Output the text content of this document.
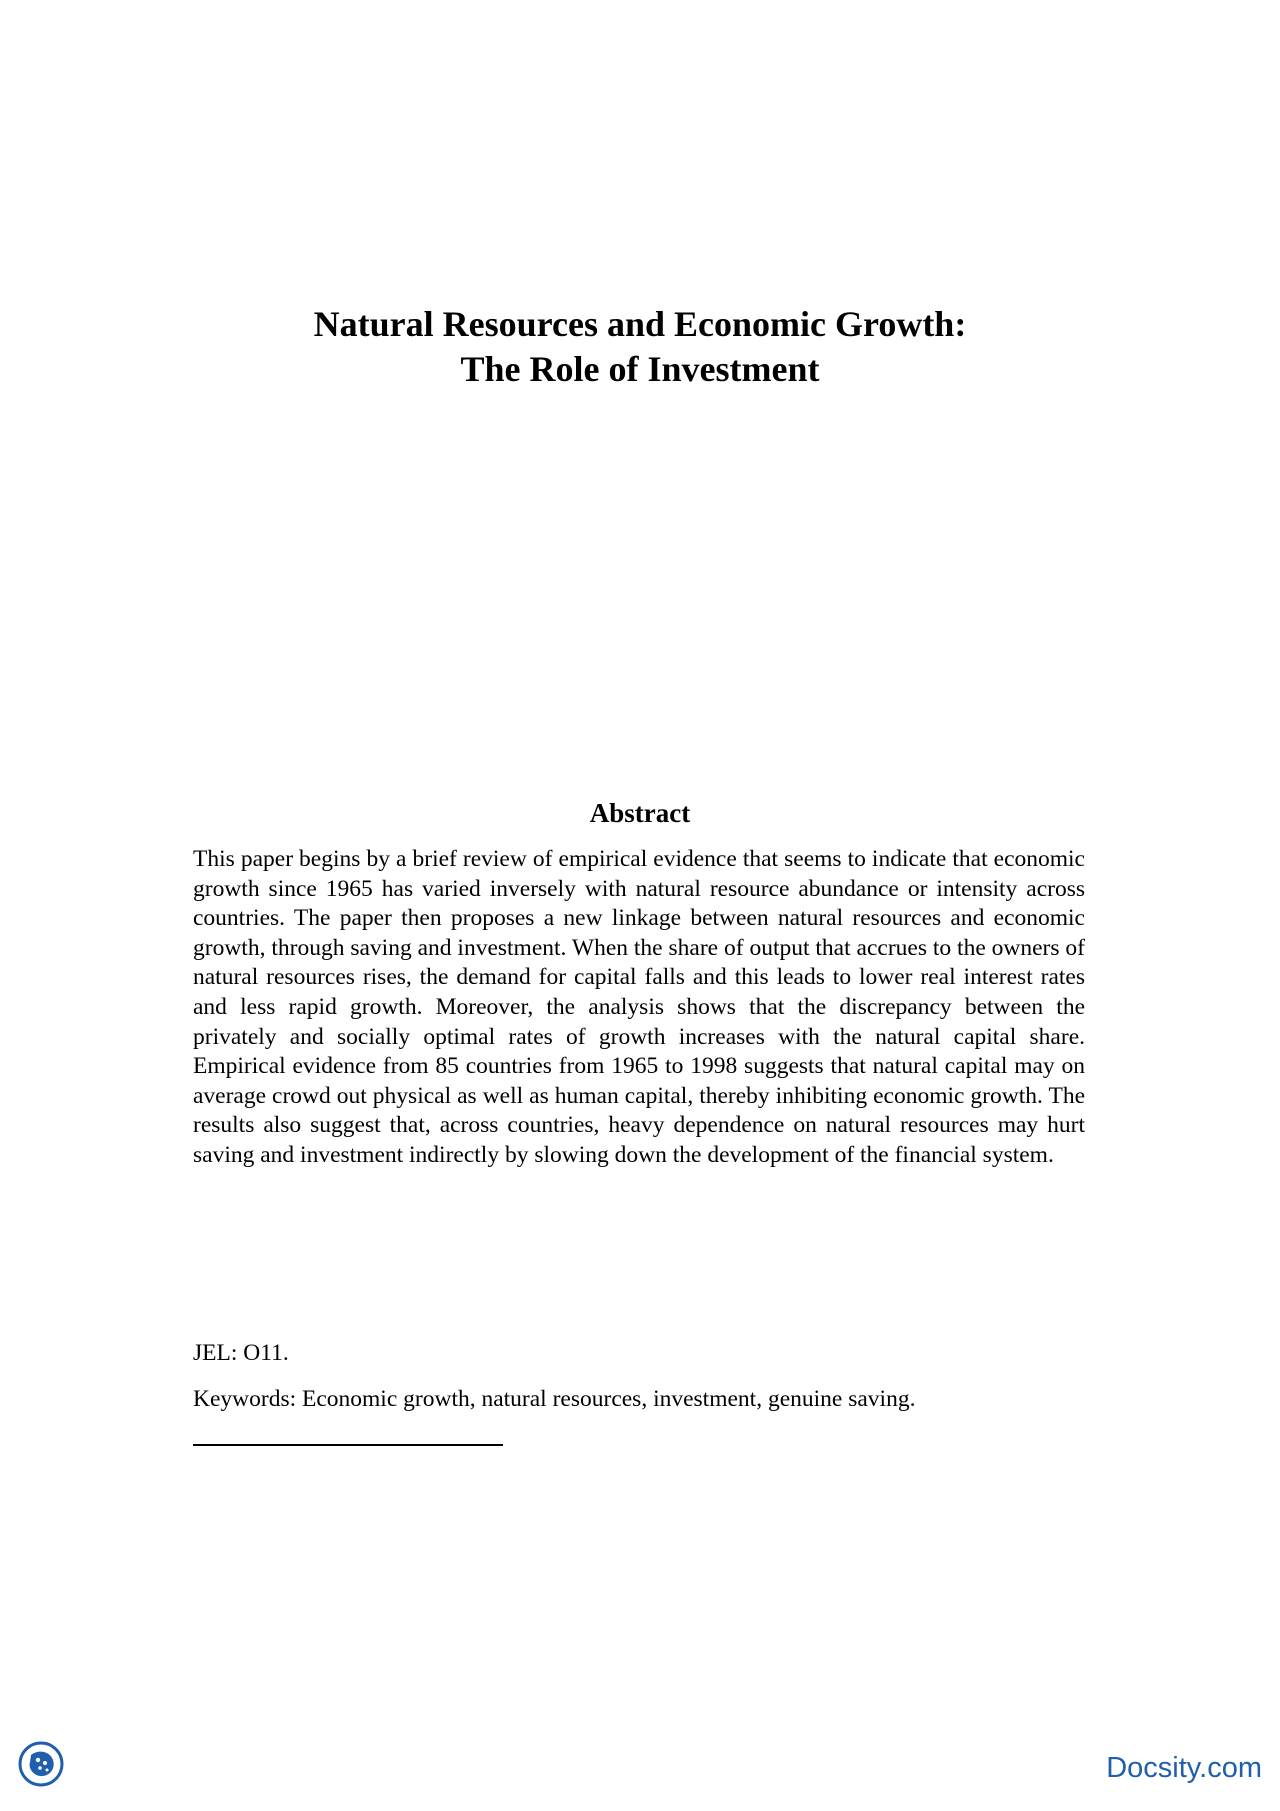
Natural Resources and Economic Growth:
The Role of Investment
Abstract

This paper begins by a brief review of empirical evidence that seems to indicate that economic growth since 1965 has varied inversely with natural resource abundance or intensity across countries. The paper then proposes a new linkage between natural resources and economic growth, through saving and investment. When the share of output that accrues to the owners of natural resources rises, the demand for capital falls and this leads to lower real interest rates and less rapid growth. Moreover, the analysis shows that the discrepancy between the privately and socially optimal rates of growth increases with the natural capital share. Empirical evidence from 85 countries from 1965 to 1998 suggests that natural capital may on average crowd out physical as well as human capital, thereby inhibiting economic growth. The results also suggest that, across countries, heavy dependence on natural resources may hurt saving and investment indirectly by slowing down the development of the financial system.

JEL: O11.
Keywords: Economic growth, natural resources, investment, genuine saving.
Docsity.com
